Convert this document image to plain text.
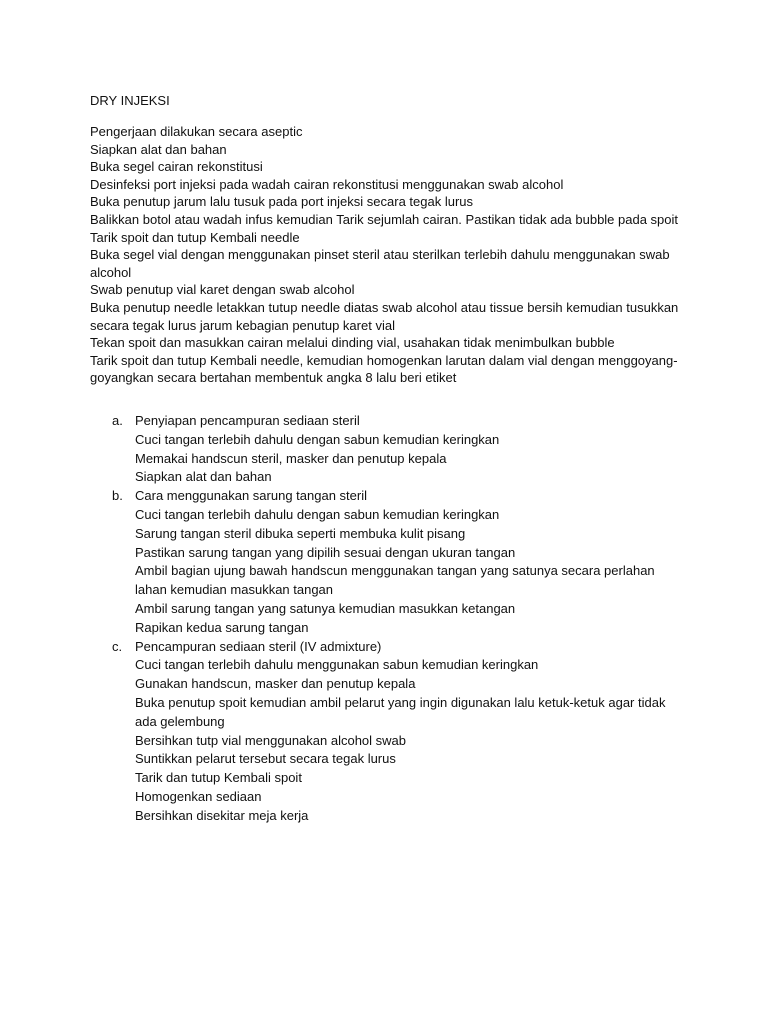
DRY INJEKSI
Pengerjaan dilakukan secara aseptic
Siapkan alat dan bahan
Buka segel cairan rekonstitusi
Desinfeksi port injeksi pada wadah cairan rekonstitusi menggunakan swab alcohol
Buka penutup jarum lalu tusuk pada port injeksi secara tegak lurus
Balikkan botol atau wadah infus kemudian Tarik sejumlah cairan. Pastikan tidak ada bubble pada spoit
Tarik spoit dan tutup Kembali needle
Buka segel vial dengan menggunakan pinset steril atau sterilkan terlebih dahulu menggunakan swab alcohol
Swab penutup vial karet dengan swab alcohol
Buka penutup needle letakkan tutup needle diatas swab alcohol atau tissue bersih kemudian tusukkan secara tegak lurus jarum kebagian penutup karet vial
Tekan spoit dan masukkan cairan melalui dinding vial, usahakan tidak menimbulkan bubble
Tarik spoit dan tutup Kembali needle, kemudian homogenkan larutan dalam vial dengan menggoyang-goyangkan secara bertahan membentuk angka 8 lalu beri etiket
a. Penyiapan pencampuran sediaan steril
Cuci tangan terlebih dahulu dengan sabun kemudian keringkan
Memakai handscun steril, masker dan penutup kepala
Siapkan alat dan bahan
b. Cara menggunakan sarung tangan steril
Cuci tangan terlebih dahulu dengan sabun kemudian keringkan
Sarung tangan steril dibuka seperti membuka kulit pisang
Pastikan sarung tangan yang dipilih sesuai dengan ukuran tangan
Ambil bagian ujung bawah handscun menggunakan tangan yang satunya secara perlahan lahan kemudian masukkan tangan
Ambil sarung tangan yang satunya kemudian masukkan ketangan
Rapikan kedua sarung tangan
c. Pencampuran sediaan steril (IV admixture)
Cuci tangan terlebih dahulu menggunakan sabun kemudian keringkan
Gunakan handscun, masker dan penutup kepala
Buka penutup spoit kemudian ambil pelarut yang ingin digunakan lalu ketuk-ketuk agar tidak ada gelembung
Bersihkan tutp vial menggunakan alcohol swab
Suntikkan pelarut tersebut secara tegak lurus
Tarik dan tutup Kembali spoit
Homogenkan sediaan
Bersihkan disekitar meja kerja
